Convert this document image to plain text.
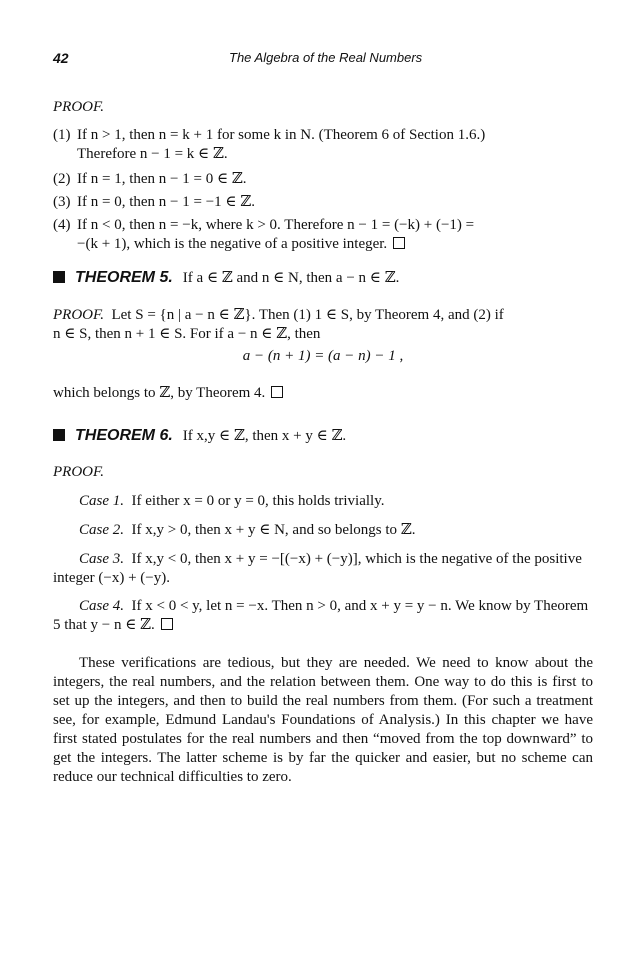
42	The Algebra of the Real Numbers
PROOF.
(1) If n > 1, then n = k + 1 for some k in N. (Theorem 6 of Section 1.6.)
Therefore n − 1 = k ∈ ℤ.
(2) If n = 1, then n − 1 = 0 ∈ ℤ.
(3) If n = 0, then n − 1 = −1 ∈ ℤ.
(4) If n < 0, then n = −k, where k > 0. Therefore n − 1 = (−k) + (−1) =
−(k + 1), which is the negative of a positive integer.
THEOREM 5. If a ∈ ℤ and n ∈ N, then a − n ∈ ℤ.
PROOF. Let S = {n | a − n ∈ ℤ}. Then (1) 1 ∈ S, by Theorem 4, and (2) if
n ∈ S, then n + 1 ∈ S. For if a − n ∈ ℤ, then
a − (n + 1) = (a − n) − 1 ,
which belongs to ℤ, by Theorem 4.
THEOREM 6. If x,y ∈ ℤ, then x + y ∈ ℤ.
PROOF.
Case 1. If either x = 0 or y = 0, this holds trivially.
Case 2. If x,y > 0, then x + y ∈ N, and so belongs to ℤ.
Case 3. If x,y < 0, then x + y = −[(−x) + (−y)], which is the negative of the positive integer (−x) + (−y).
Case 4. If x < 0 < y, let n = −x. Then n > 0, and x + y = y − n. We know by Theorem 5 that y − n ∈ ℤ.
These verifications are tedious, but they are needed. We need to know about the integers, the real numbers, and the relation between them. One way to do this is first to set up the integers, and then to build the real numbers from them. (For such a treatment see, for example, Edmund Landau's Foundations of Analysis.) In this chapter we have first stated postulates for the real numbers and then “moved from the top downward” to get the integers. The latter scheme is by far the quicker and easier, but no scheme can reduce our technical difficulties to zero.
